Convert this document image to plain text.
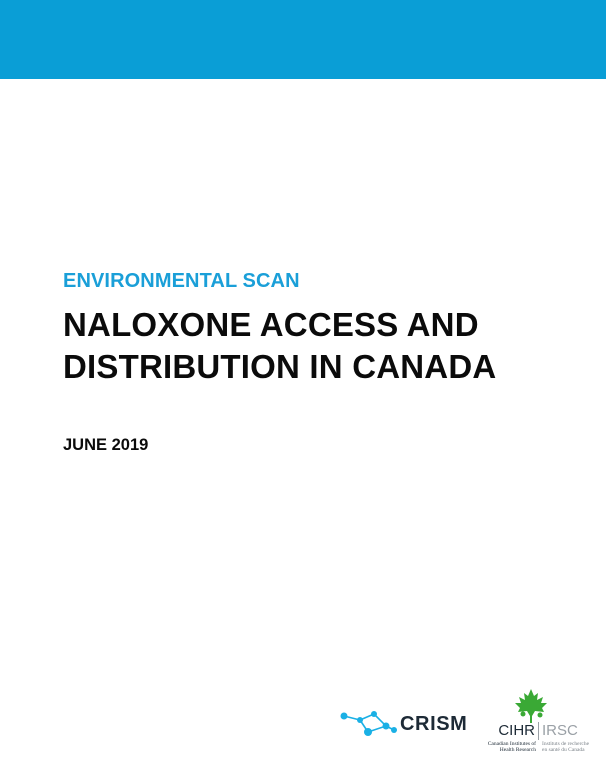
ENVIRONMENTAL SCAN
NALOXONE ACCESS AND
DISTRIBUTION IN CANADA
JUNE 2019
CRISM	CIHR IRSC
Canadian Institutes of
Health Research
Instituts de recherche
en santé du Canada
